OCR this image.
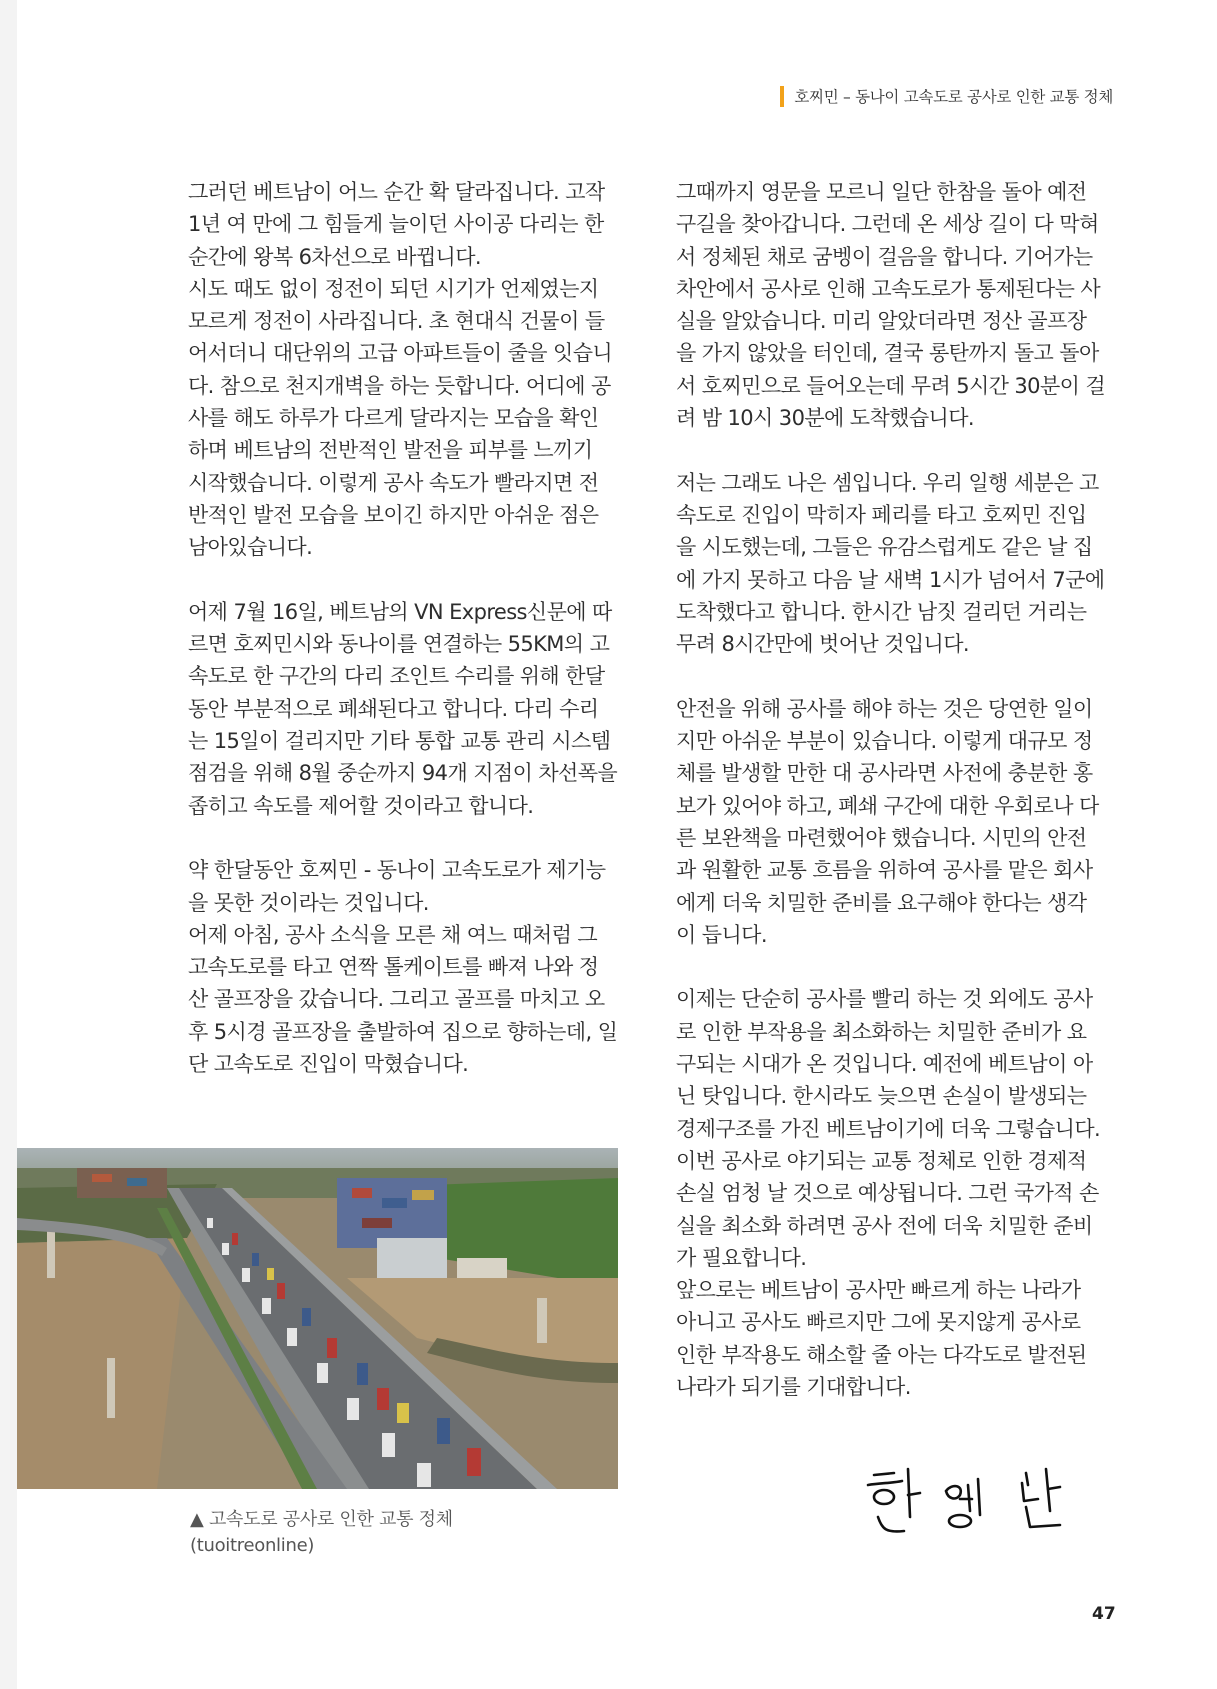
호찌민 – 동나이 고속도로 공사로 인한 교통 정체

그러던 베트남이 어느 순간 확 달라집니다. 고작 1년 여 만에 그 힘들게 늘이던 사이공 다리는 한 순간에 왕복 6차선으로 바뀝니다.

시도 때도 없이 정전이 되던 시기가 언제였는지 모르게 정전이 사라집니다. 초 현대식 건물이 들어서더니 대단위의 고급 아파트들이 줄을 잇습니다. 참으로 천지개벽을 하는 듯합니다. 어디에 공사를 해도 하루가 다르게 달라지는 모습을 확인하며 베트남의 전반적인 발전을 피부를 느끼기 시작했습니다. 이렇게 공사 속도가 빨라지면 전반적인 발전 모습을 보이긴 하지만 아쉬운 점은 남아있습니다.

어제 7월 16일, 베트남의 VN Express신문에 따르면 호찌민시와 동나이를 연결하는 55KM의 고속도로 한 구간의 다리 조인트 수리를 위해 한달 동안 부분적으로 폐쇄된다고 합니다. 다리 수리는 15일이 걸리지만 기타 통합 교통 관리 시스템 점검을 위해 8월 중순까지 94개 지점이 차선폭을 좁히고 속도를 제어할 것이라고 합니다.

약 한달동안 호찌민 - 동나이 고속도로가 제기능을 못한 것이라는 것입니다.

어제 아침, 공사 소식을 모른 채 여느 때처럼 그 고속도로를 타고 연짝 톨케이트를 빠져 나와 정산 골프장을 갔습니다. 그리고 골프를 마치고 오후 5시경 골프장을 출발하여 집으로 향하는데, 일단 고속도로 진입이 막혔습니다.

그때까지 영문을 모르니 일단 한참을 돌아 예전 구길을 찾아갑니다. 그런데 온 세상 길이 다 막혀서 정체된 채로 굼벵이 걸음을 합니다. 기어가는 차안에서 공사로 인해 고속도로가 통제된다는 사실을 알았습니다. 미리 알았더라면 정산 골프장을 가지 않았을 터인데, 결국 롱탄까지 돌고 돌아서 호찌민으로 들어오는데 무려 5시간 30분이 걸려 밤 10시 30분에 도착했습니다.

저는 그래도 나은 셈입니다. 우리 일행 세분은 고속도로 진입이 막히자 페리를 타고 호찌민 진입을 시도했는데, 그들은 유감스럽게도 같은 날 집에 가지 못하고 다음 날 새벽 1시가 넘어서 7군에 도착했다고 합니다. 한시간 남짓 걸리던 거리는 무려 8시간만에 벗어난 것입니다.

안전을 위해 공사를 해야 하는 것은 당연한 일이지만 아쉬운 부분이 있습니다. 이렇게 대규모 정체를 발생할 만한 대 공사라면 사전에 충분한 홍보가 있어야 하고, 폐쇄 구간에 대한 우회로나 다른 보완책을 마련했어야 했습니다. 시민의 안전과 원활한 교통 흐름을 위하여 공사를 맡은 회사에게 더욱 치밀한 준비를 요구해야 한다는 생각이 듭니다.

이제는 단순히 공사를 빨리 하는 것 외에도 공사로 인한 부작용을 최소화하는 치밀한 준비가 요구되는 시대가 온 것입니다. 예전에 베트남이 아닌 탓입니다. 한시라도 늦으면 손실이 발생되는 경제구조를 가진 베트남이기에 더욱 그렇습니다. 이번 공사로 야기되는 교통 정체로 인한 경제적 손실 엄청 날 것으로 예상됩니다. 그런 국가적 손실을 최소화 하려면 공사 전에 더욱 치밀한 준비가 필요합니다.

앞으로는 베트남이 공사만 빠르게 하는 나라가 아니고 공사도 빠르지만 그에 못지않게 공사로 인한 부작용도 해소할 줄 아는 다각도로 발전된 나라가 되기를 기대합니다.

▲ 고속도로 공사로 인한 교통 정체
(tuoitreonline)
47
